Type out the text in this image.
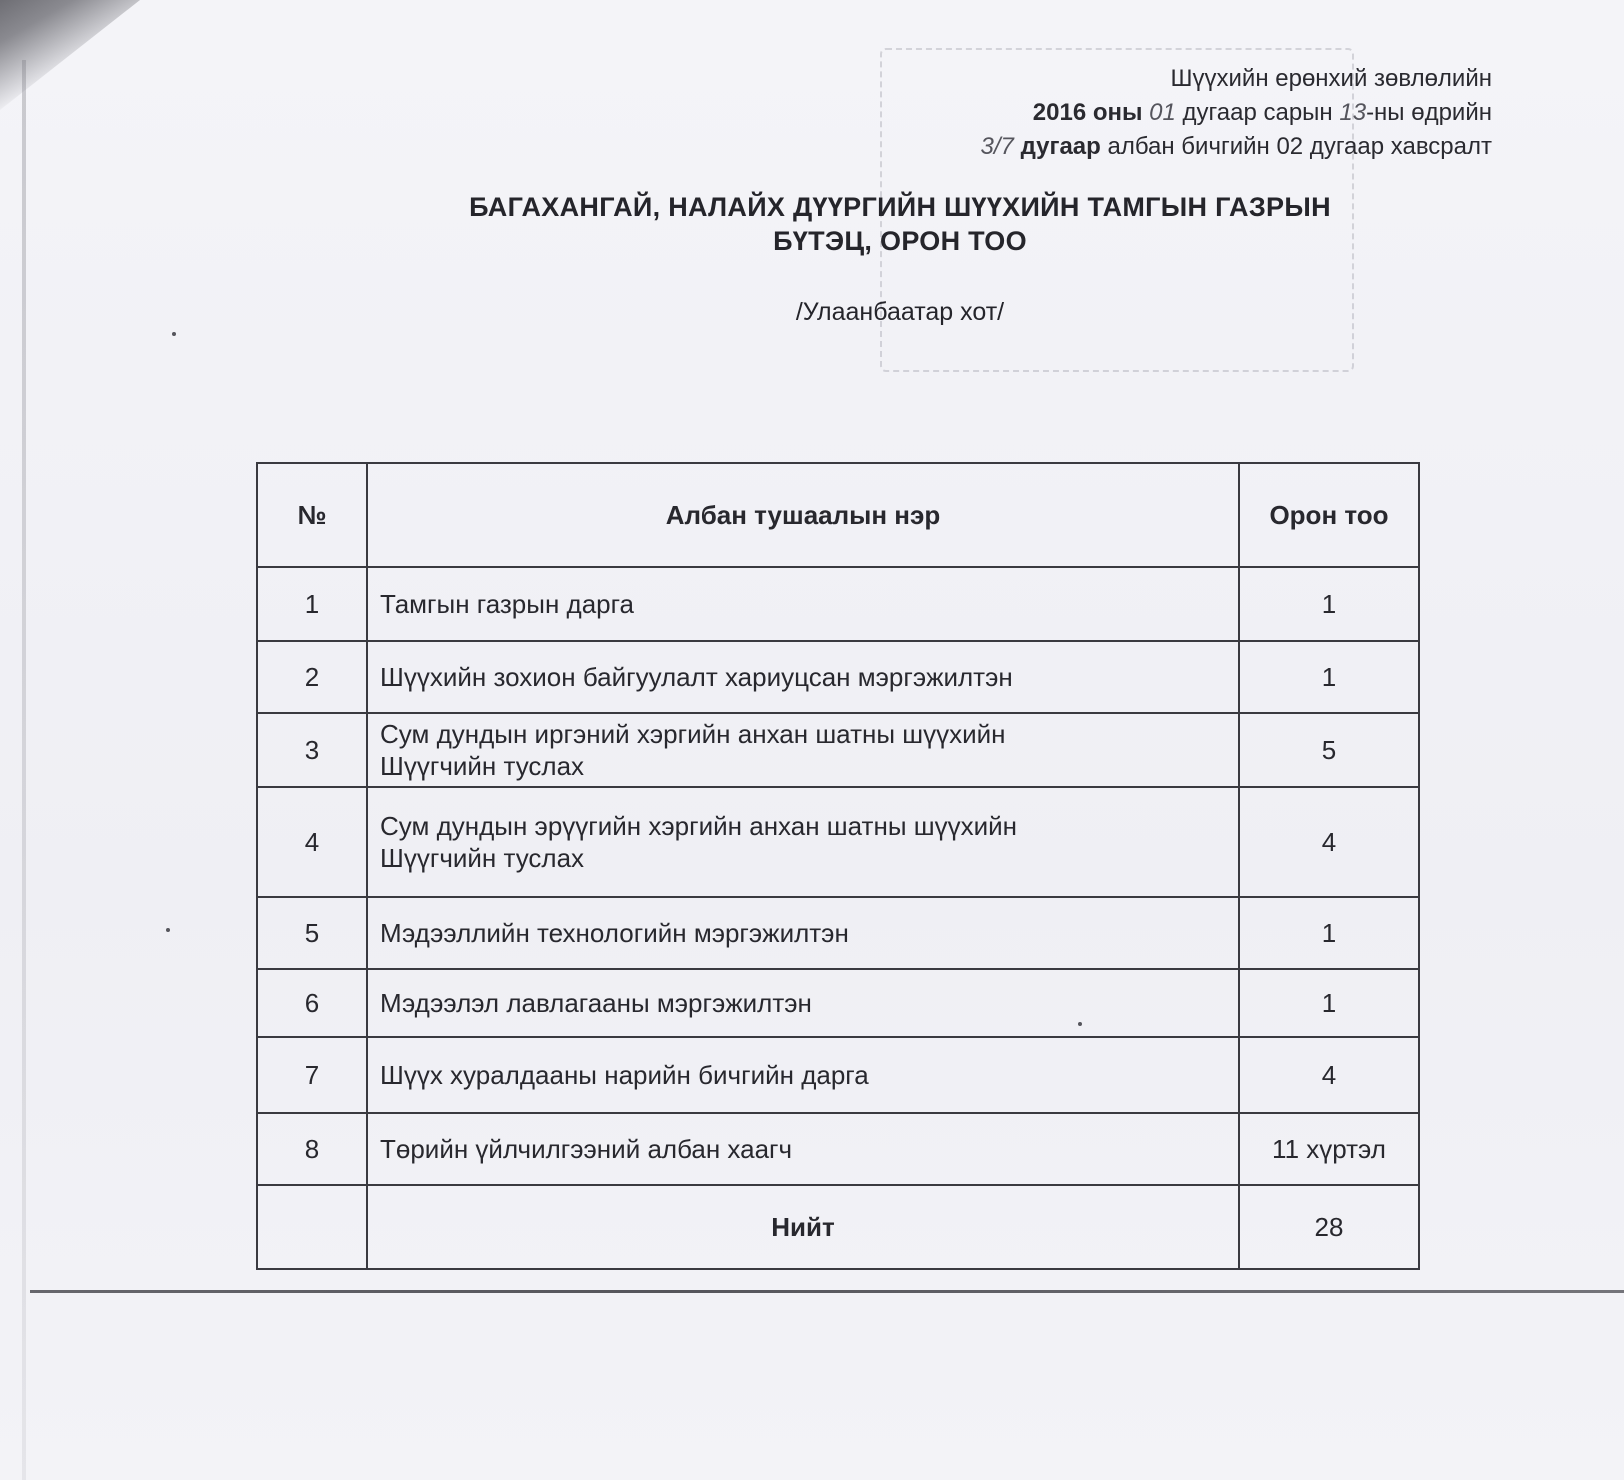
Шүүхийн ерөнхий зөвлөлийн
2016 оны 01 дугаар сарын 13-ны өдрийн
3/7 дугаар албан бичгийн 02 дугаар хавсралт
БАГАХАНГАЙ, НАЛАЙХ ДҮҮРГИЙН ШҮҮХИЙН ТАМГЫН ГАЗРЫН
БҮТЭЦ, ОРОН ТОО
/Улаанбаатар хот/
№	Албан тушаалын нэр	Орон тоо
1	Тамгын газрын дарга	1
2	Шүүхийн зохион байгуулалт хариуцсан мэргэжилтэн	1
3	Сум дундын иргэний хэргийн анхан шатны шүүхийн
Шүүгчийн туслах	5
4	Сум дундын эрүүгийн хэргийн анхан шатны шүүхийн
Шүүгчийн туслах	4
5	Мэдээллийн технологийн мэргэжилтэн	1
6	Мэдээлэл лавлагааны мэргэжилтэн	1
7	Шүүх хуралдааны нарийн бичгийн дарга	4
8	Төрийн үйлчилгээний албан хаагч	11 хүртэл
	Нийт	28
